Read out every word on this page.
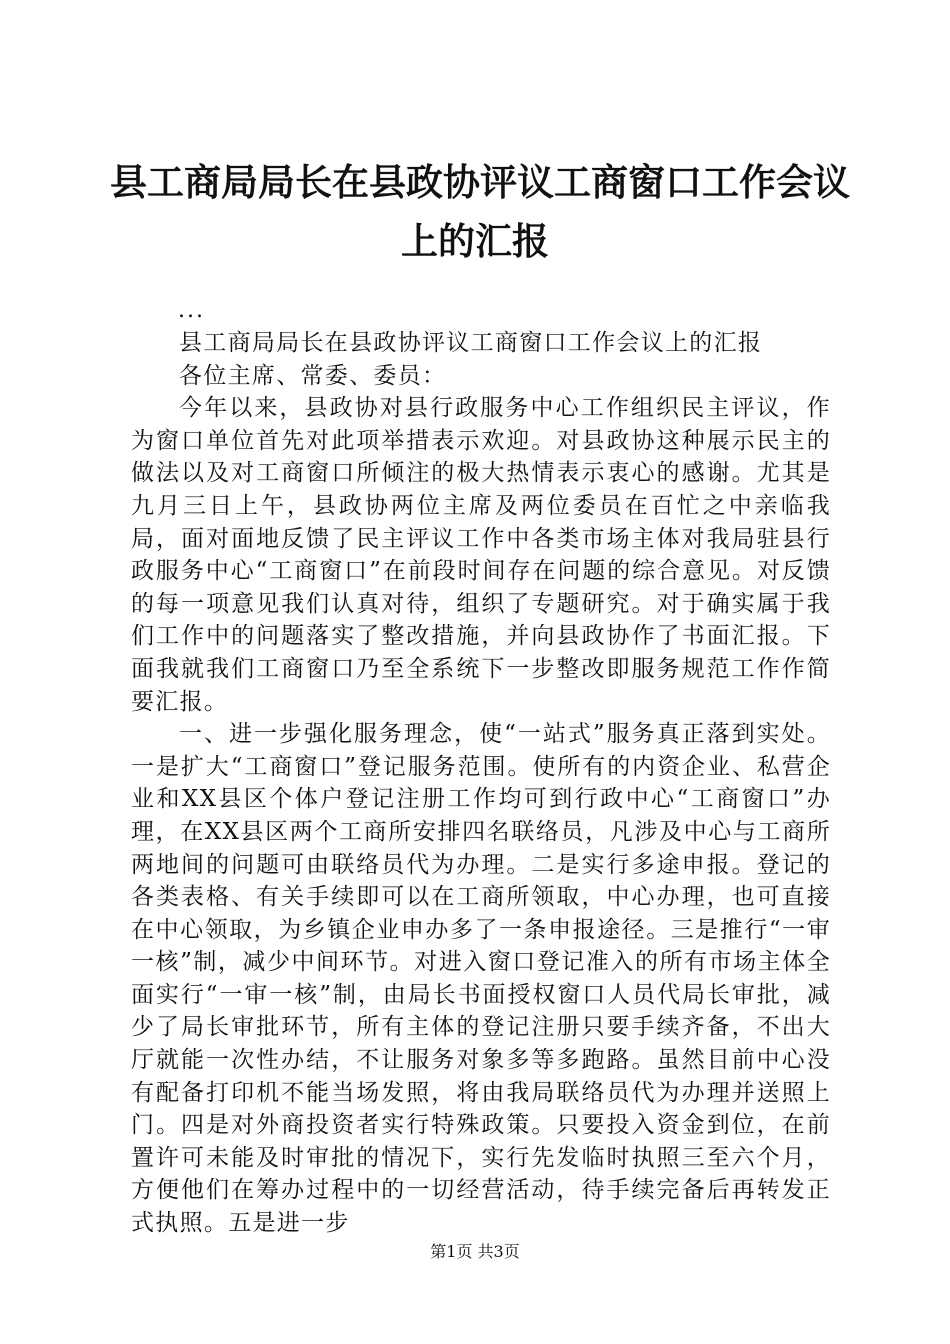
县工商局局长在县政协评议工商窗口工作会议
上的汇报
...

县工商局局长在县政协评议工商窗口工作会议上的汇报

各位主席、常委、委员：

今年以来，县政协对县行政服务中心工作组织民主评议，作为窗口单位首先对此项举措表示欢迎。对县政协这种展示民主的做法以及对工商窗口所倾注的极大热情表示衷心的感谢。尤其是九月三日上午，县政协两位主席及两位委员在百忙之中亲临我局，面对面地反馈了民主评议工作中各类市场主体对我局驻县行政服务中心“工商窗口”在前段时间存在问题的综合意见。对反馈的每一项意见我们认真对待，组织了专题研究。对于确实属于我们工作中的问题落实了整改措施，并向县政协作了书面汇报。下面我就我们工商窗口乃至全系统下一步整改即服务规范工作作简要汇报。

一、进一步强化服务理念，使“一站式”服务真正落到实处。一是扩大“工商窗口”登记服务范围。使所有的内资企业、私营企业和XX县区个体户登记注册工作均可到行政中心“工商窗口”办理，在XX县区两个工商所安排四名联络员，凡涉及中心与工商所两地间的问题可由联络员代为办理。二是实行多途申报。登记的各类表格、有关手续即可以在工商所领取，中心办理，也可直接在中心领取，为乡镇企业申办多了一条申报途径。三是推行“一审一核”制，减少中间环节。对进入窗口登记准入的所有市场主体全面实行“一审一核”制，由局长书面授权窗口人员代局长审批，减少了局长审批环节，所有主体的登记注册只要手续齐备，不出大厅就能一次性办结，不让服务对象多等多跑路。虽然目前中心没有配备打印机不能当场发照，将由我局联络员代为办理并送照上门。四是对外商投资者实行特殊政策。只要投入资金到位，在前置许可未能及时审批的情况下，实行先发临时执照三至六个月，方便他们在筹办过程中的一切经营活动，待手续完备后再转发正式执照。五是进一步

第1页 共3页
